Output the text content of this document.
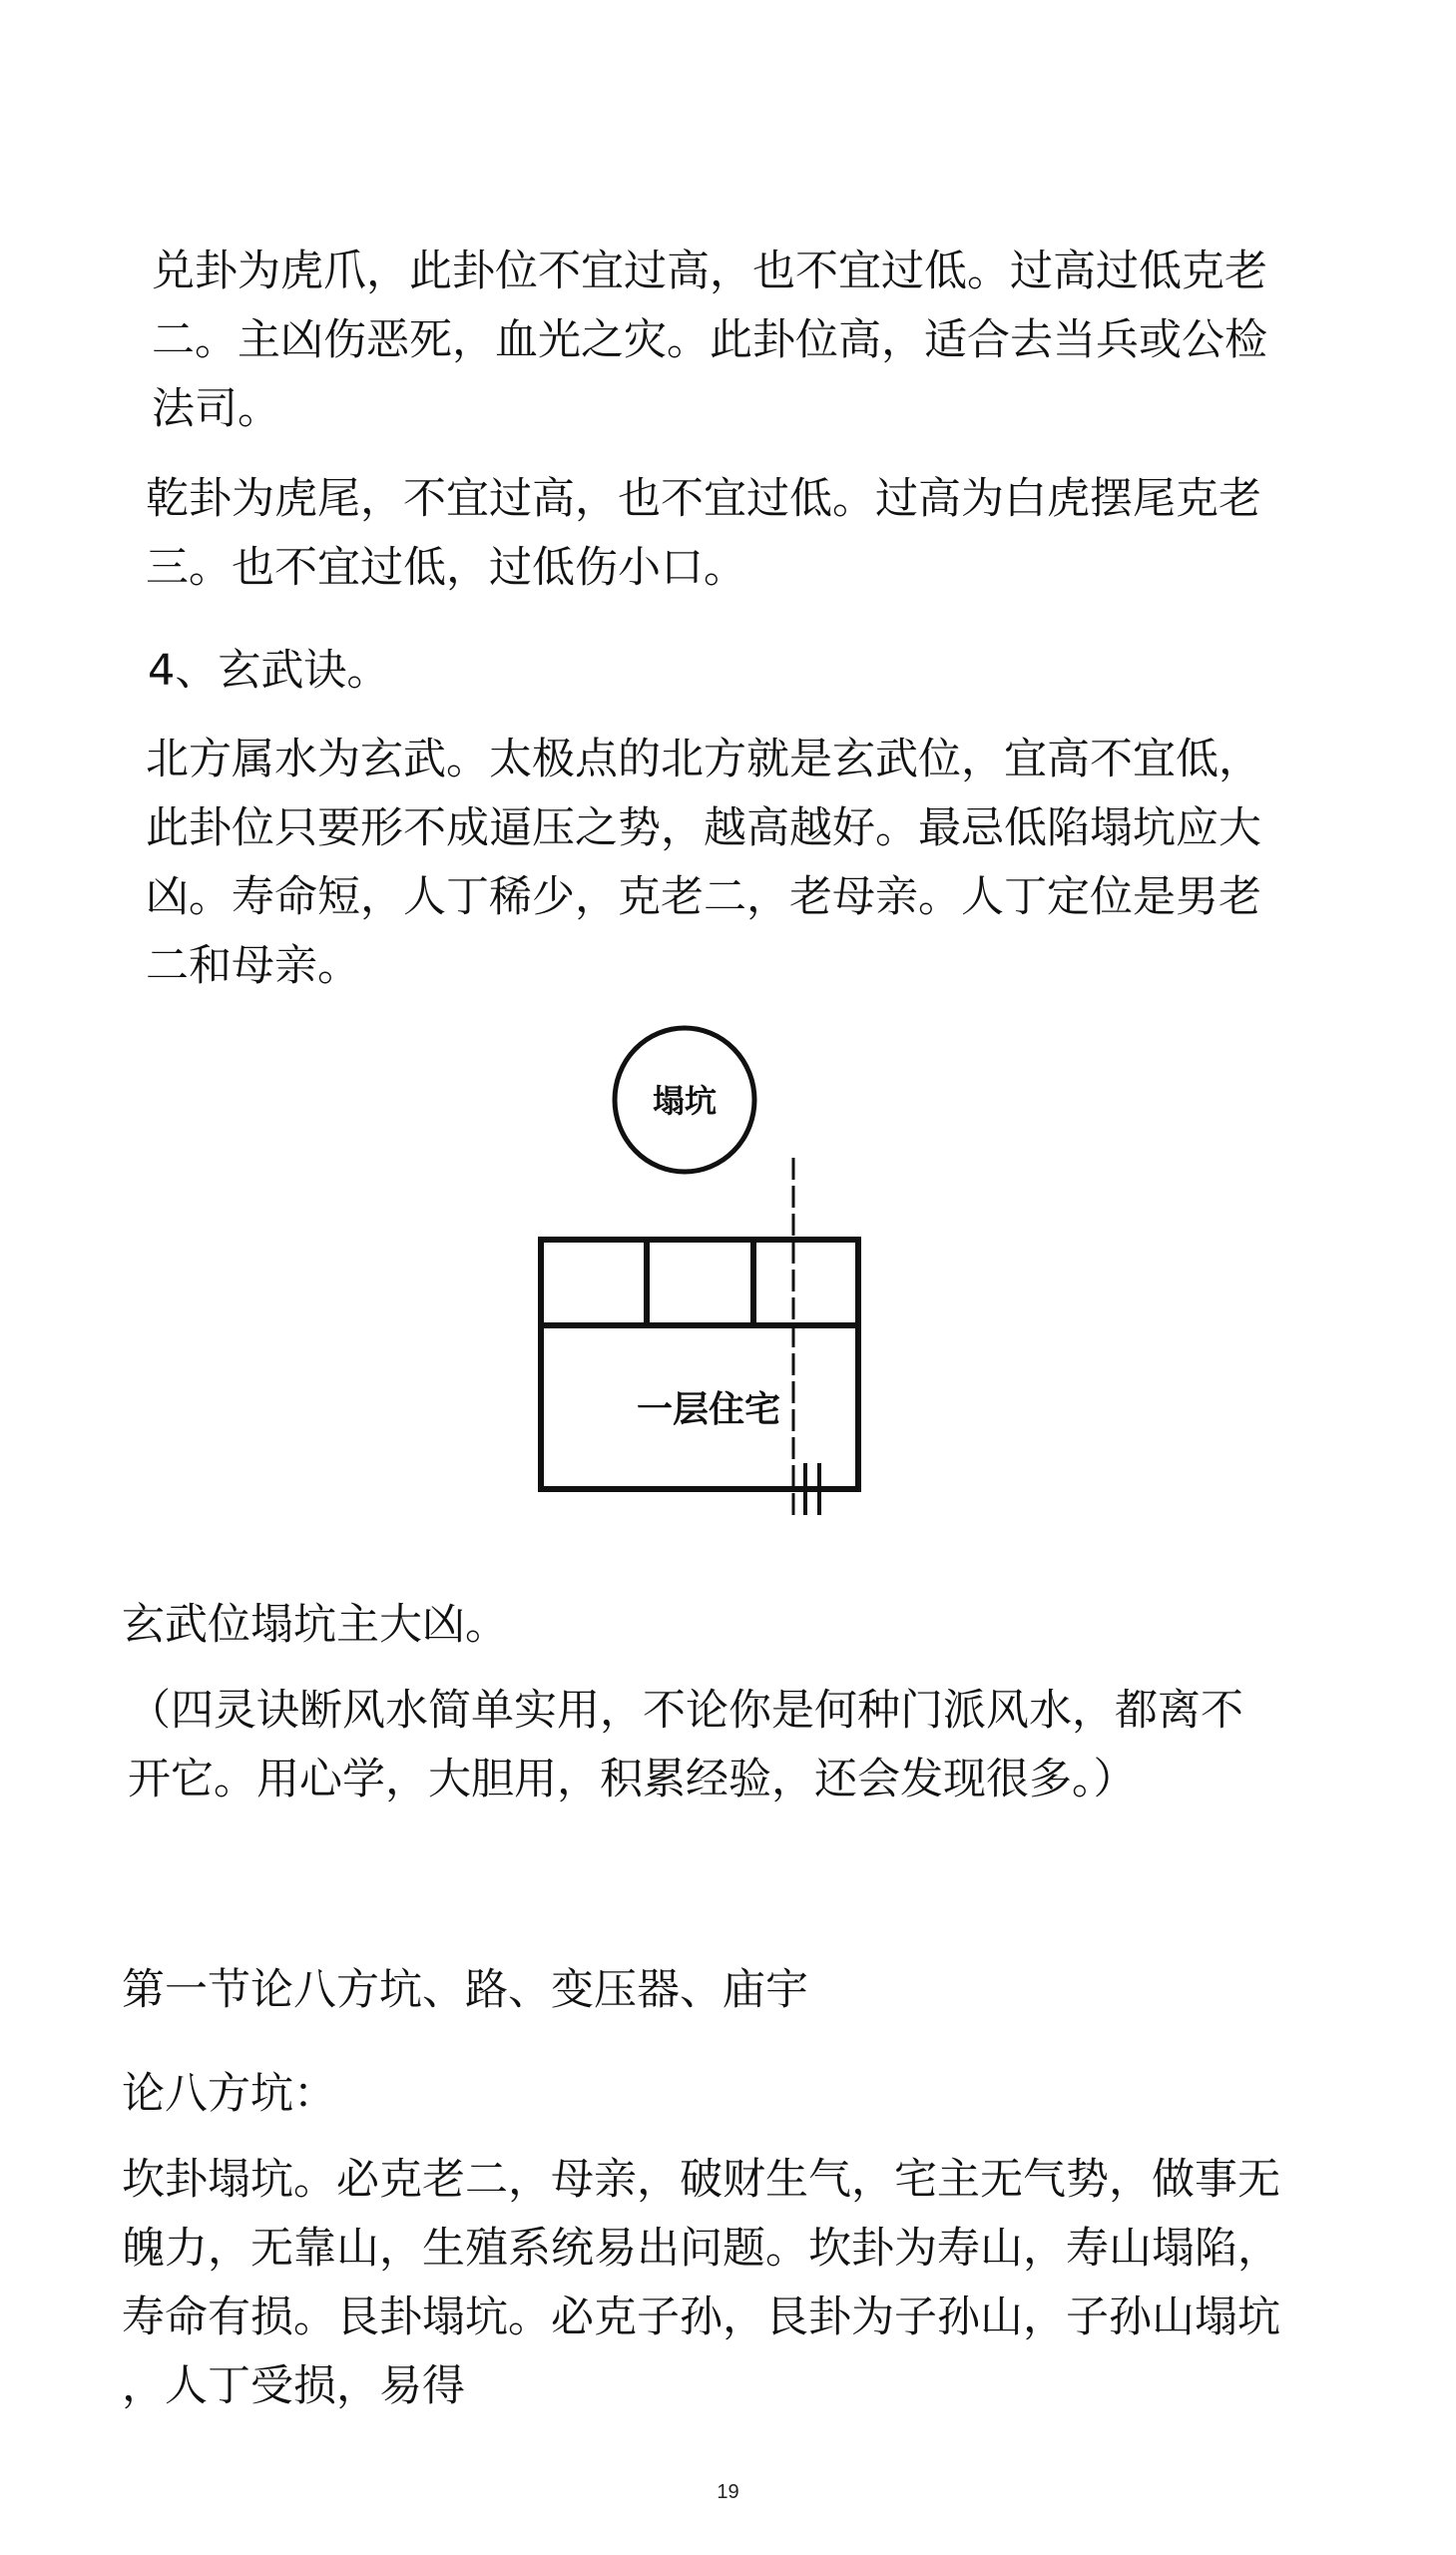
兑卦为虎爪，此卦位不宜过高，也不宜过低。过高过低克老
二。主凶伤恶死，血光之灾。此卦位高，适合去当兵或公检
法司。
乾卦为虎尾，不宜过高，也不宜过低。过高为白虎摆尾克老
三。也不宜过低，过低伤小口。
4、玄武诀。
北方属水为玄武。太极点的北方就是玄武位，宜高不宜低，
此卦位只要形不成逼压之势，越高越好。最忌低陷塌坑应大
凶。寿命短，人丁稀少，克老二，老母亲。人丁定位是男老
二和母亲。
塌坑
一层住宅
玄武位塌坑主大凶。
（四灵诀断风水简单实用，不论你是何种门派风水，都离不
开它。用心学，大胆用，积累经验，还会发现很多。）
第一节论八方坑、路、变压器、庙宇
论八方坑：
坎卦塌坑。必克老二，母亲，破财生气，宅主无气势，做事无
魄力，无靠山，生殖系统易出问题。坎卦为寿山，寿山塌陷，
寿命有损。艮卦塌坑。必克子孙，艮卦为子孙山，子孙山塌坑
，人丁受损，易得
19
